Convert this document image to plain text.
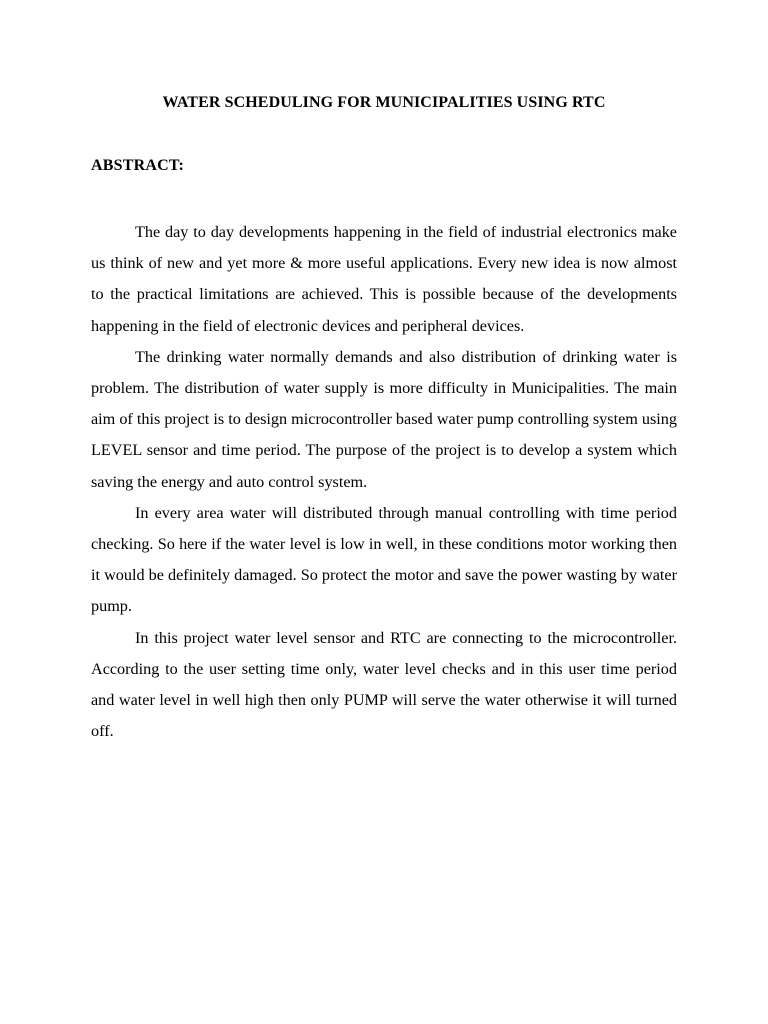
WATER SCHEDULING FOR MUNICIPALITIES USING RTC
ABSTRACT:

The day to day developments happening in the field of industrial electronics make us think of new and yet more & more useful applications. Every new idea is now almost to the practical limitations are achieved. This is possible because of the developments happening in the field of electronic devices and peripheral devices.

The drinking water normally demands and also distribution of drinking water is problem. The distribution of water supply is more difficulty in Municipalities. The main aim of this project is to design microcontroller based water pump controlling system using LEVEL sensor and time period. The purpose of the project is to develop a system which saving the energy and auto control system.

In every area water will distributed through manual controlling with time period checking. So here if the water level is low in well, in these conditions motor working then it would be definitely damaged. So protect the motor and save the power wasting by water pump.

In this project water level sensor and RTC are connecting to the microcontroller. According to the user setting time only, water level checks and in this user time period and water level in well high then only PUMP will serve the water otherwise it will turned off.
